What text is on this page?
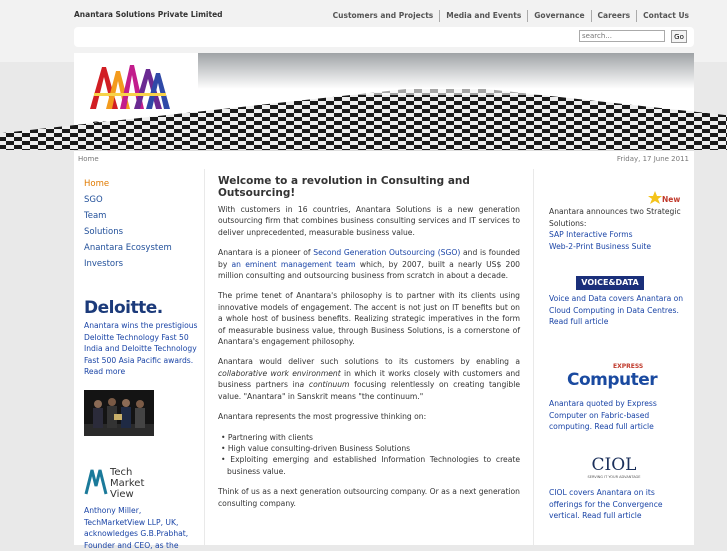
Anantara Solutions Private Limited	Customers and Projects	Media and Events	Governance	Careers	Contact Us
search...
Go
Home	Friday, 17 June 2011
Home
SGO
Team
Solutions
Anantara Ecosystem
Investors
Deloitte.
Anantara wins the prestigious Deloitte Technology Fast 50 India and Deloitte Technology Fast 500 Asia Pacific awards. Read more
Tech
Market
View
Anthony Miller, TechMarketView LLP, UK, acknowledges G.B.Prabhat, Founder and CEO, as the
Welcome to a revolution in Consulting and Outsourcing!

With customers in 16 countries, Anantara Solutions is a new generation outsourcing firm that combines business consulting services and IT services to deliver unprecedented, measurable business value.

Anantara is a pioneer of Second Generation Outsourcing (SGO) and is founded by an eminent management team which, by 2007, built a nearly US$ 200 million consulting and outsourcing business from scratch in about a decade.

The prime tenet of Anantara's philosophy is to partner with its clients using innovative models of engagement. The accent is not just on IT benefits but on a whole host of business benefits. Realizing strategic imperatives in the form of measurable business value, through Business Solutions, is a cornerstone of Anantara's engagement philosophy.

Anantara would deliver such solutions to its customers by enabling a collaborative work environment in which it works closely with customers and business partners ina continuum focusing relentlessly on creating tangible value. "Anantara" in Sanskrit means "the continuum."

Anantara represents the most progressive thinking on:

• Partnering with clients
• High value consulting-driven Business Solutions
• Exploiting emerging and established Information Technologies to create business value.

Think of us as a next generation outsourcing company. Or as a next generation consulting company.

New
Anantara announces two Strategic Solutions:
SAP Interactive Forms
Web-2-Print Business Suite
VOICE&DATA
Voice and Data covers Anantara on Cloud Computing in Data Centres. Read full article
EXPRESS
Computer
Anantara quoted by Express Computer on Fabric-based computing. Read full article
CIOL
SERVING IT YOUR ADVANTAGE
CIOL covers Anantara on its offerings for the Convergence vertical. Read full article
